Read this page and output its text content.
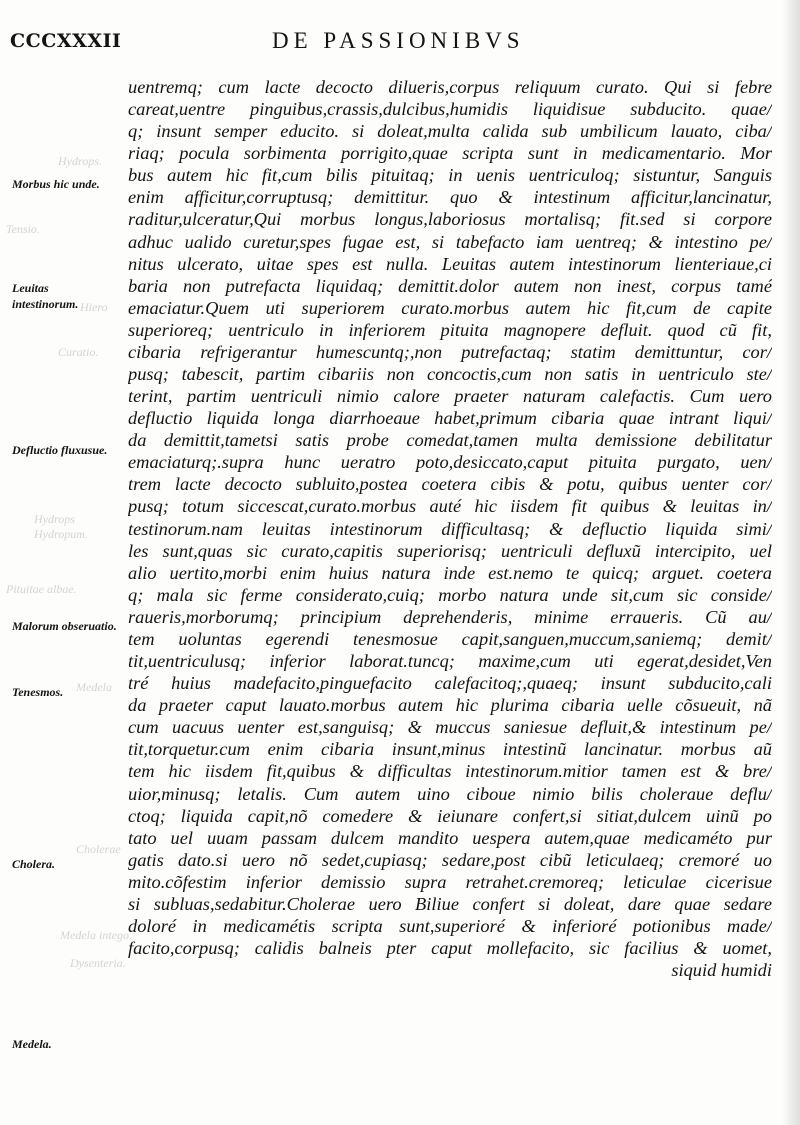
CCCXXXII	DE PASSIONIBVS
Hydrops.
Tensio.
Hiero
Curatio.
Hydrops Hydropum.
Pituitae albae.
Medela
Cholerae
Medela intego.
Dysenteria.
Morbus hic unde.
Leuitas intestinorum.
Defluctio fluxusue.
Malorum obseruatio.
Tenesmos.
Cholera.
Medela.
uentremq; cum lacte decocto dilueris,corpus reliquum curato. Qui si febre
careat,uentre pinguibus,crassis,dulcibus,humidis liquidisue subducito. quae/
q; insunt semper educito. si doleat,multa calida sub umbilicum lauato, ciba/
riaq; pocula sorbimenta porrigito,quae scripta sunt in medicamentario. Mor
bus autem hic fit,cum bilis pituitaq; in uenis uentriculoq; sistuntur, Sanguis
enim afficitur,corruptusq; demittitur. quo & intestinum afficitur,lancinatur,
raditur,ulceratur,Qui morbus longus,laboriosus mortalisq; fit.sed si corpore
adhuc ualido curetur,spes fugae est, si tabefacto iam uentreq; & intestino pe/
nitus ulcerato, uitae spes est nulla. Leuitas autem intestinorum lienteriaue,ci
baria non putrefacta liquidaq; demittit.dolor autem non inest, corpus tamé
emaciatur.Quem uti superiorem curato.morbus autem hic fit,cum de capite
superioreq; uentriculo in inferiorem pituita magnopere defluit. quod cũ fit,
cibaria refrigerantur humescuntq;,non putrefactaq; statim demittuntur, cor/
pusq; tabescit, partim cibariis non concoctis,cum non satis in uentriculo ste/
terint, partim uentriculi nimio calore praeter naturam calefactis. Cum uero
defluctio liquida longa diarrhoeaue habet,primum cibaria quae intrant liqui/
da demittit,tametsi satis probe comedat,tamen multa demissione debilitatur
emaciaturq;.supra hunc ueratro poto,desiccato,caput pituita purgato, uen/
trem lacte decocto subluito,postea coetera cibis & potu, quibus uenter cor/
pusq; totum siccescat,curato.morbus auté hic iisdem fit quibus & leuitas in/
testinorum.nam leuitas intestinorum difficultasq; & defluctio liquida simi/
les sunt,quas sic curato,capitis superiorisq; uentriculi defluxũ intercipito, uel
alio uertito,morbi enim huius natura inde est.nemo te quicq; arguet. coetera
q; mala sic ferme considerato,cuiq; morbo natura unde sit,cum sic conside/
raueris,morborumq; principium deprehenderis, minime erraueris. Cũ au/
tem uoluntas egerendi tenesmosue capit,sanguen,muccum,saniemq; demit/
tit,uentriculusq; inferior laborat.tuncq; maxime,cum uti egerat,desidet,Ven
tré huius madefacito,pinguefacito calefacitoq;,quaeq; insunt subducito,cali
da praeter caput lauato.morbus autem hic plurima cibaria uelle cõsueuit, nã
cum uacuus uenter est,sanguisq; & muccus saniesue defluit,& intestinum pe/
tit,torquetur.cum enim cibaria insunt,minus intestinũ lancinatur. morbus aũ
tem hic iisdem fit,quibus & difficultas intestinorum.mitior tamen est & bre/
uior,minusq; letalis. Cum autem uino ciboue nimio bilis choleraue deflu/
ctoq; liquida capit,nõ comedere & ieiunare confert,si sitiat,dulcem uinũ po
tato uel uuam passam dulcem mandito uespera autem,quae medicaméto pur
gatis dato.si uero nõ sedet,cupiasq; sedare,post cibũ leticulaeq; cremoré uo
mito.cõfestim inferior demissio supra retrahet.cremoreq; leticulae cicerisue
si subluas,sedabitur.Cholerae uero Biliue confert si doleat, dare quae sedare
doloré in medicamétis scripta sunt,superioré & inferioré potionibus made/
facito,corpusq; calidis balneis pter caput mollefacito, sic facilius & uomet,
siquid humidi
